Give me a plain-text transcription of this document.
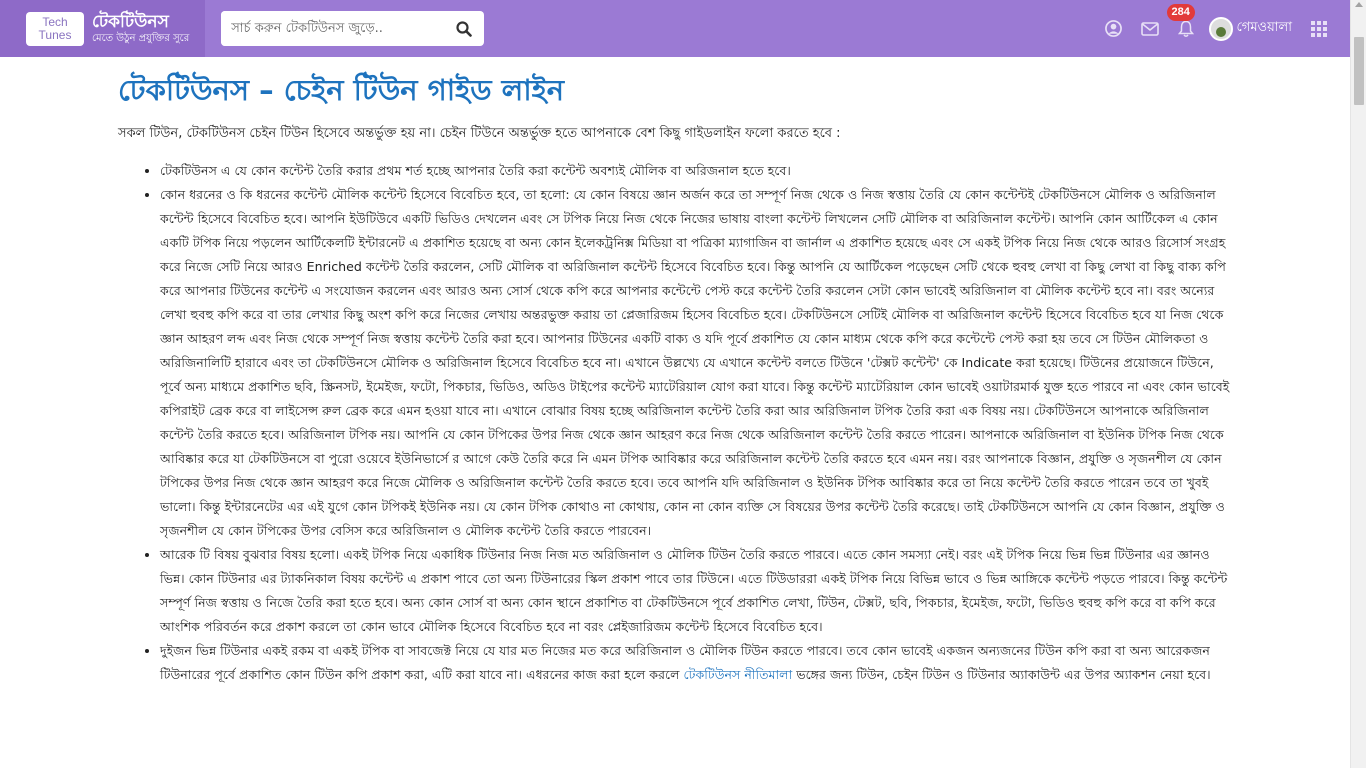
Tech
Tunes
টেকটিউনস
মেতে উঠুন প্রযুক্তির সুরে
সার্চ করুন টেকটিউনস জুড়ে..
284
গেমওয়ালা
টেকটিউনস – চেইন টিউন গাইড লাইন

সকল টিউন, টেকটিউনস চেইন টিউন হিসেবে অন্তর্ভুক্ত হয় না। চেইন টিউনে অন্তর্ভুক্ত হতে আপনাকে বেশ কিছু গাইডলাইন ফলো করতে হবে :

• টেকটিউনস এ যে কোন কন্টেন্ট তৈরি করার প্রথম শর্ত হচ্ছে আপনার তৈরি করা কন্টেন্ট অবশ্যই মৌলিক বা অরিজনাল হতে হবে।
• কোন ধরনের ও কি ধরনের কন্টেন্ট মৌলিক কন্টেন্ট হিসেবে বিবেচিত হবে, তা হলো: যে কোন বিষয়ে জ্ঞান অর্জন করে তা সম্পূর্ণ নিজ থেকে ও নিজ স্বত্তায় তৈরি যে কোন কন্টেন্টই টেকটিউনসে মৌলিক ও অরিজিনাল কন্টেন্ট হিসেবে বিবেচিত হবে। আপনি ইউটিউবে একটি ভিডিও দেখলেন এবং সে টপিক নিয়ে নিজ থেকে নিজের ভাষায় বাংলা কন্টেন্ট লিখলেন সেটি মৌলিক বা অরিজিনাল কন্টেন্ট। আপনি কোন আর্টিকেল এ কোন একটি টপিক নিয়ে পড়লেন আর্টিকেলটি ইন্টারনেট এ প্রকাশিত হয়েছে বা অন্য কোন ইলেকট্রনিক্স মিডিয়া বা পত্রিকা ম্যাগাজিন বা জার্নাল এ প্রকাশিত হয়েছে এবং সে একই টপিক নিয়ে নিজ থেকে আরও রিসোর্স সংগ্রহ করে নিজে সেটি নিয়ে আরও Enriched কন্টেন্ট তৈরি করলেন, সেটি মৌলিক বা অরিজিনাল কন্টেন্ট হিসেবে বিবেচিত হবে। কিন্তু আপনি যে আর্টিকেল পড়েছেন সেটি থেকে হুবহু লেখা বা কিছু লেখা বা কিছু বাক্য কপি করে আপনার টিউনের কন্টেন্ট এ সংযোজন করলেন এবং আরও অন্য সোর্স থেকে কপি করে আপনার কন্টেন্টে পেস্ট করে কন্টেন্ট তৈরি করলেন সেটা কোন ভাবেই অরিজিনাল বা মৌলিক কন্টেন্ট হবে না। বরং অন্যের লেখা হুবহু কপি করে বা তার লেখার কিছু অংশ কপি করে নিজের লেখায় অন্তরভুক্ত করায় তা প্লেজারিজম হিসেব বিবেচিত হবে। টেকটিউনসে সেটিই মৌলিক বা অরিজিনাল কন্টেন্ট হিসেবে বিবেচিত হবে যা নিজ থেকে জ্ঞান আহরণ লব্দ এবং নিজ থেকে সম্পূর্ণ নিজ স্বত্তায় কন্টেন্ট তৈরি করা হবে। আপনার টিউনের একটি বাক্য ও যদি পূর্বে প্রকাশিত যে কোন মাধ্যম থেকে কপি করে কন্টেন্টে পেস্ট করা হয় তবে সে টিউন মৌলিকতা ও অরিজিনালিটি হারাবে এবং তা টেকটিউনসে মৌলিক ও অরিজিনাল হিসেবে বিবেচিত হবে না। এখানে উল্লখ্যে যে এখানে কন্টেন্ট বলতে টিউনে 'টেক্সট কন্টেন্ট' কে Indicate করা হয়েছে। টিউনের প্রয়োজনে টিউনে, পূর্বে অন্য মাধ্যমে প্রকাশিত ছবি, স্ক্রিনসট, ইমেইজ, ফটো, পিকচার, ভিডিও, অডিও টাইপের কন্টেন্ট ম্যাটেরিয়াল যোগ করা যাবে। কিন্তু কন্টেন্ট ম্যাটেরিয়াল কোন ভাবেই ওয়াটারমার্ক যুক্ত হতে পারবে না এবং কোন ভাবেই কপিরাইট ব্রেক করে বা লাইসেন্স রুল ব্রেক করে এমন হওয়া যাবে না। এখানে বোঝার বিষয় হচ্ছে অরিজিনাল কন্টেন্ট তৈরি করা আর অরিজিনাল টপিক তৈরি করা এক বিষয় নয়। টেকটিউনসে আপনাকে অরিজিনাল কন্টেন্ট তৈরি করতে হবে। অরিজিনাল টপিক নয়। আপনি যে কোন টপিকের উপর নিজ থেকে জ্ঞান আহরণ করে নিজ থেকে অরিজিনাল কন্টেন্ট তৈরি করতে পারেন। আপনাকে অরিজিনাল বা ইউনিক টপিক নিজ থেকে আবিষ্কার করে যা টেকটিউনসে বা পুরো ওয়েবে ইউনিভার্সে র আগে কেউ তৈরি করে নি এমন টপিক আবিষ্কার করে অরিজিনাল কন্টেন্ট তৈরি করতে হবে এমন নয়। বরং আপনাকে বিজ্ঞান, প্রযুক্তি ও সৃজনশীল যে কোন টপিকের উপর নিজ থেকে জ্ঞান আহরণ করে নিজে মৌলিক ও অরিজিনাল কন্টেন্ট তৈরি করতে হবে। তবে আপনি যদি অরিজিনাল ও ইউনিক টপিক আবিষ্কার করে তা নিয়ে কন্টেন্ট তৈরি করতে পারেন তবে তা খুবই ভালো। কিন্তু ইন্টারনেটের এর এই যুগে কোন টপিকই ইউনিক নয়। যে কোন টপিক কোথাও না কোথায়, কোন না কোন ব্যক্তি সে বিষয়ের উপর কন্টেন্ট তৈরি করেছে। তাই টেকটিউনসে আপনি যে কোন বিজ্ঞান, প্রযুক্তি ও সৃজনশীল যে কোন টপিকের উপর বেসিস করে অরিজিনাল ও মৌলিক কন্টেন্ট তৈরি করতে পারবেন।
• আরেক টি বিষয় বুঝবার বিষয় হলো। একই টপিক নিয়ে একাধিক টিউনার নিজ নিজ মত অরিজিনাল ও মৌলিক টিউন তৈরি করতে পারবে। এতে কোন সমস্যা নেই। বরং এই টপিক নিয়ে ভিন্ন ভিন্ন টিউনার এর জ্ঞানও ভিন্ন। কোন টিউনার এর ট্যাকনিকাল বিষয় কন্টেন্ট এ প্রকাশ পাবে তো অন্য টিউনারের স্কিল প্রকাশ পাবে তার টিউনে। এতে টিউডাররা একই টপিক নিয়ে বিভিন্ন ভাবে ও ভিন্ন আঙ্গিকে কন্টেন্ট পড়তে পারবে। কিন্তু কন্টেন্ট সম্পূর্ণ নিজ স্বত্তায় ও নিজে তৈরি করা হতে হবে। অন্য কোন সোর্স বা অন্য কোন স্থানে প্রকাশিত বা টেকটিউনসে পূর্বে প্রকাশিত লেখা, টিউন, টেক্সট, ছবি, পিকচার, ইমেইজ, ফটো, ভিডিও হুবহু কপি করে বা কপি করে আংশিক পরিবর্তন করে প্রকাশ করলে তা কোন ভাবে মৌলিক হিসেবে বিবেচিত হবে না বরং প্লেইজারিজম কন্টেন্ট হিসেবে বিবেচিত হবে।
• দুইজন ভিন্ন টিউনার একই রকম বা একই টপিক বা সাবজেক্ট নিয়ে যে যার মত নিজের মত করে অরিজিনাল ও মৌলিক টিউন করতে পারবে। তবে কোন ভাবেই একজন অন্যজনের টিউন কপি করা বা অন্য আরেকজন টিউনারের পূর্বে প্রকাশিত কোন টিউন কপি প্রকাশ করা, এটি করা যাবে না। এধরনের কাজ করা হলে করলে টেকটিউনস নীতিমালা ভঙ্গের জন্য টিউন, চেইন টিউন ও টিউনার অ্যাকাউন্ট এর উপর অ্যাকশন নেয়া হবে।
